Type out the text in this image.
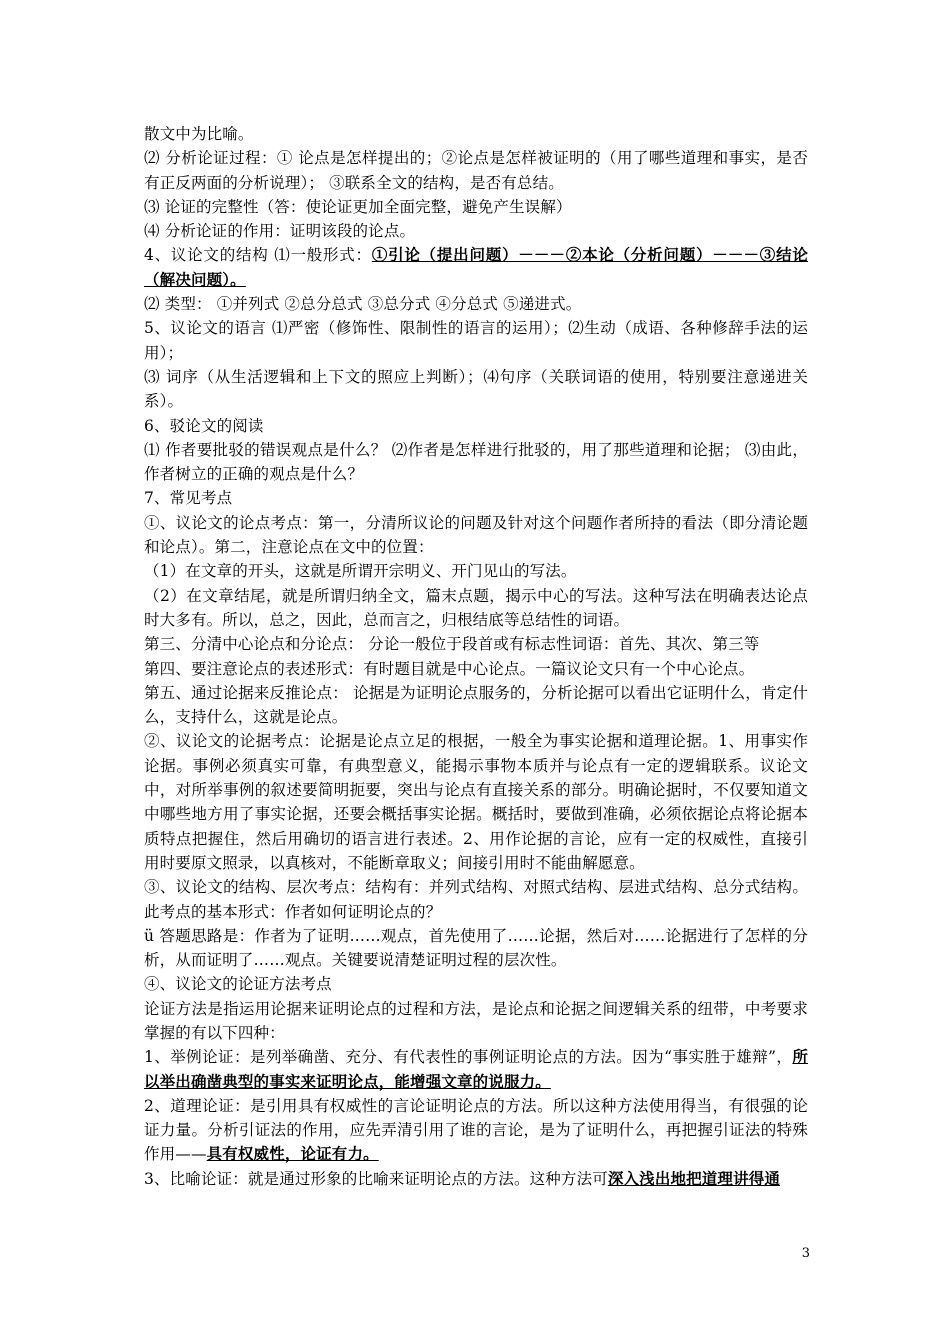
散文中为比喻。

⑵ 分析论证过程：① 论点是怎样提出的；②论点是怎样被证明的（用了哪些道理和事实，是否有正反两面的分析说理）； ③联系全文的结构，是否有总结。

⑶ 论证的完整性（答：使论证更加全面完整，避免产生误解）

⑷ 分析论证的作用：证明该段的论点。

4、议论文的结构 ⑴一般形式：①引论（提出问题）－－－②本论（分析问题）－－－③结论（解决问题）。

⑵ 类型： ①并列式 ②总分总式 ③总分式 ④分总式 ⑤递进式。

5、议论文的语言 ⑴严密（修饰性、限制性的语言的运用）；⑵生动（成语、各种修辞手法的运用）；

⑶ 词序（从生活逻辑和上下文的照应上判断）；⑷句序（关联词语的使用，特别要注意递进关系）。

6、驳论文的阅读

⑴ 作者要批驳的错误观点是什么？ ⑵作者是怎样进行批驳的，用了那些道理和论据； ⑶由此，作者树立的正确的观点是什么？

7、常见考点

①、议论文的论点考点：第一，分清所议论的问题及针对这个问题作者所持的看法（即分清论题和论点）。第二，注意论点在文中的位置：

（1）在文章的开头，这就是所谓开宗明义、开门见山的写法。

（2）在文章结尾，就是所谓归纳全文，篇末点题，揭示中心的写法。这种写法在明确表达论点时大多有。所以，总之，因此，总而言之，归根结底等总结性的词语。

第三、分清中心论点和分论点： 分论一般位于段首或有标志性词语：首先、其次、第三等

第四、要注意论点的表述形式：有时题目就是中心论点。一篇议论文只有一个中心论点。

第五、通过论据来反推论点： 论据是为证明论点服务的，分析论据可以看出它证明什么，肯定什么，支持什么，这就是论点。

②、议论文的论据考点：论据是论点立足的根据，一般全为事实论据和道理论据。1、用事实作论据。事例必须真实可靠，有典型意义，能揭示事物本质并与论点有一定的逻辑联系。议论文中，对所举事例的叙述要简明扼要，突出与论点有直接关系的部分。明确论据时，不仅要知道文中哪些地方用了事实论据，还要会概括事实论据。概括时，要做到准确，必须依据论点将论据本质特点把握住，然后用确切的语言进行表述。2、用作论据的言论，应有一定的权威性，直接引用时要原文照录，以真核对，不能断章取义；间接引用时不能曲解愿意。

③、议论文的结构、层次考点：结构有：并列式结构、对照式结构、层进式结构、总分式结构。此考点的基本形式：作者如何证明论点的？

ü 答题思路是：作者为了证明……观点，首先使用了……论据，然后对……论据进行了怎样的分析，从而证明了……观点。关键要说清楚证明过程的层次性。

④、议论文的论证方法考点

论证方法是指运用论据来证明论点的过程和方法，是论点和论据之间逻辑关系的纽带，中考要求掌握的有以下四种：

1、举例论证：是列举确凿、充分、有代表性的事例证明论点的方法。因为“事实胜于雄辩”，所以举出确凿典型的事实来证明论点，能增强文章的说服力。

2、道理论证：是引用具有权威性的言论证明论点的方法。所以这种方法使用得当，有很强的论证力量。分析引证法的作用，应先弄清引用了谁的言论，是为了证明什么，再把握引证法的特殊作用——具有权威性，论证有力。

3、比喻论证：就是通过形象的比喻来证明论点的方法。这种方法可深入浅出地把道理讲得通

3
